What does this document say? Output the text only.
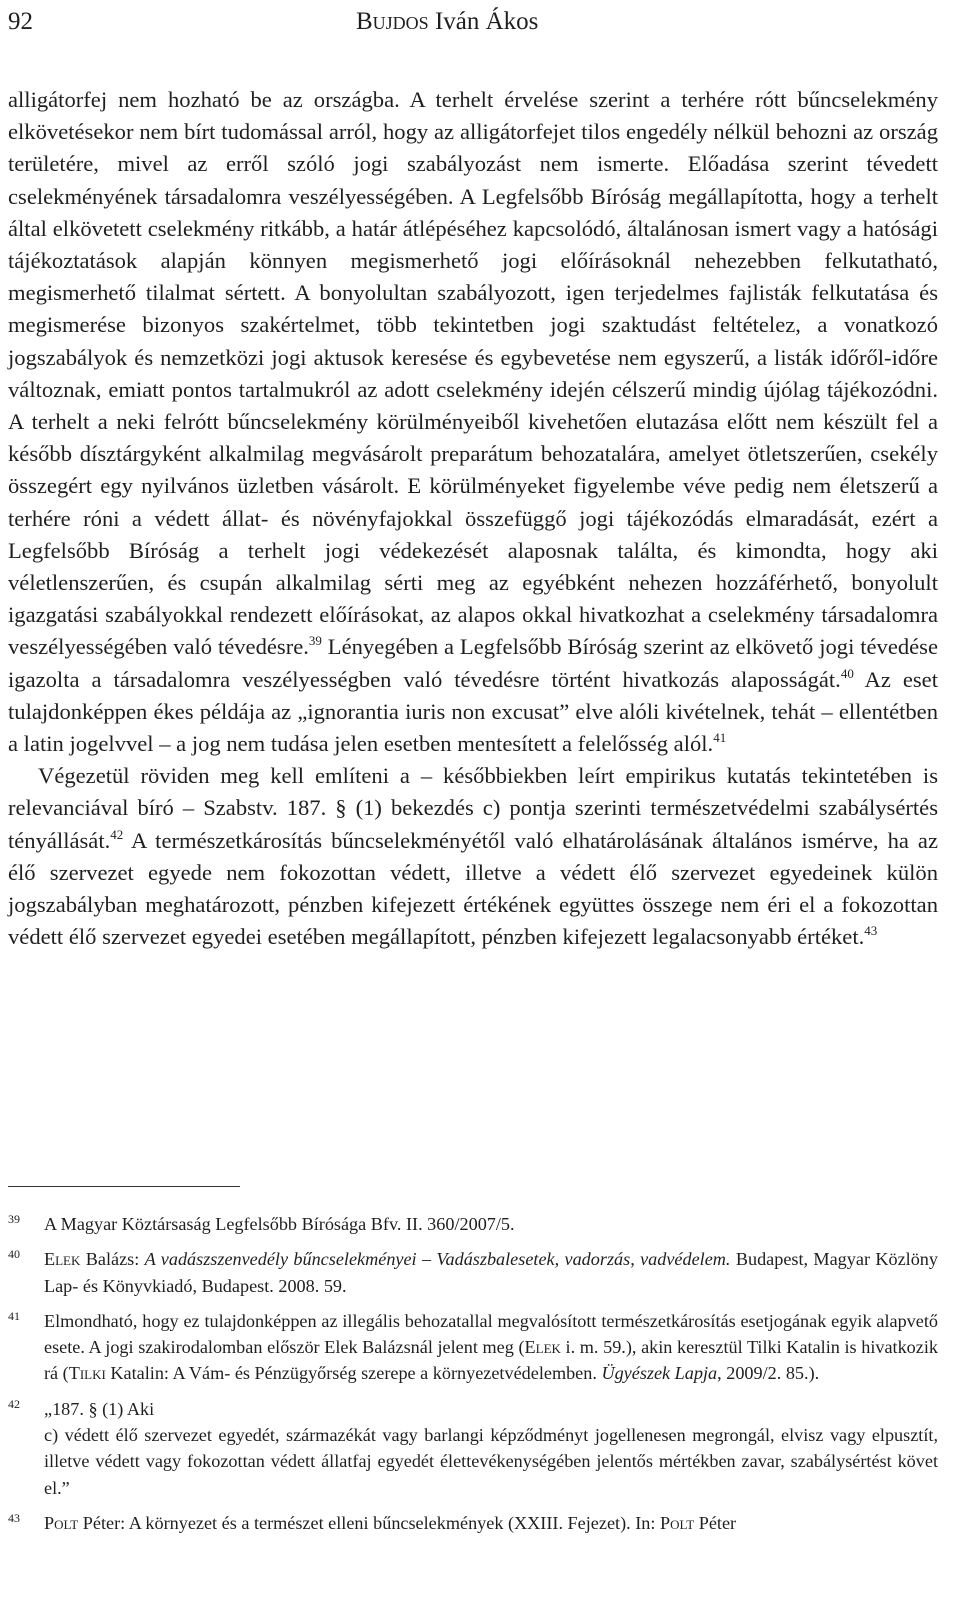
92	Bujdos Iván Ákos

alligátorfej nem hozható be az országba. A terhelt érvelése szerint a terhére rótt bűncselekmény elkövetésekor nem bírt tudomással arról, hogy az alligátorfejet tilos engedély nélkül behozni az ország területére, mivel az erről szóló jogi szabályozást nem ismerte. Előadása szerint tévedett cselekményének társadalomra veszélyességében. A Legfelsőbb Bíróság megállapította, hogy a terhelt által elkövetett cselekmény ritkább, a határ átlépéséhez kapcsolódó, általánosan ismert vagy a hatósági tájékoztatások alapján könnyen megismerhető jogi előírásoknál nehezebben felkutatható, megismerhető tilalmat sértett. A bonyolultan szabályozott, igen terjedelmes fajlisták felkutatása és megismerése bizonyos szakértelmet, több tekintetben jogi szaktudást feltételez, a vonatkozó jogszabályok és nemzetközi jogi aktusok keresése és egybevetése nem egyszerű, a listák időről-időre változnak, emiatt pontos tartalmukról az adott cselekmény idején célszerű mindig újólag tájékozódni. A terhelt a neki felrótt bűncselekmény körülményeiből kivehetően elutazása előtt nem készült fel a később dísztárgyként alkalmilag megvásárolt preparátum behozatalára, amelyet ötletszerűen, csekély összegért egy nyilvános üzletben vásárolt. E körülményeket figyelembe véve pedig nem életszerű a terhére róni a védett állat- és növényfajokkal összefüggő jogi tájékozódás elmaradását, ezért a Legfelsőbb Bíróság a terhelt jogi védekezését alaposnak találta, és kimondta, hogy aki véletlenszerűen, és csupán alkalmilag sérti meg az egyébként nehezen hozzáférhető, bonyolult igazgatási szabályokkal rendezett előírásokat, az alapos okkal hivatkozhat a cselekmény társadalomra veszélyességében való tévedésre.$^{39}$ Lényegében a Legfelsőbb Bíróság szerint az elkövető jogi tévedése igazolta a társadalomra veszélyességben való tévedésre történt hivatkozás alaposságát.$^{40}$ Az eset tulajdonképpen ékes példája az „ignorantia iuris non excusat” elve alóli kivételnek, tehát – ellentétben a latin jogelvvel – a jog nem tudása jelen esetben mentesített a felelősség alól.$^{41}$

Végezetül röviden meg kell említeni a – későbbiekben leírt empirikus kutatás tekintetében is relevanciával bíró – Szabstv. 187. § (1) bekezdés c) pontja szerinti természetvédelmi szabálysértés tényállását.$^{42}$ A természetkárosítás bűncselekményétől való elhatárolásának általános ismérve, ha az élő szervezet egyede nem fokozottan védett, illetve a védett élő szervezet egyedeinek külön jogszabályban meghatározott, pénzben kifejezett értékének együttes összege nem éri el a fokozottan védett élő szervezet egyedei esetében megállapított, pénzben kifejezett legalacsonyabb értéket.$^{43}$

39	A Magyar Köztársaság Legfelsőbb Bírósága Bfv. II. 360/2007/5.
40	Elek Balázs: A vadászszenvedély bűncselekményei – Vadászbalesetek, vadorzás, vadvédelem. Budapest, Magyar Közlöny Lap- és Könyvkiadó, Budapest. 2008. 59.
41	Elmondható, hogy ez tulajdonképpen az illegális behozatallal megvalósított természetkárosítás esetjogának egyik alapvető esete. A jogi szakirodalomban először Elek Balázsnál jelent meg (Elek i. m. 59.), akin keresztül Tilki Katalin is hivatkozik rá (Tilki Katalin: A Vám- és Pénzügyőrség szerepe a környezetvédelemben. Ügyészek Lapja, 2009/2. 85.).
42	„187. § (1) Aki
c) védett élő szervezet egyedét, származékát vagy barlangi képződményt jogellenesen megrongál, elvisz vagy elpusztít, illetve védett vagy fokozottan védett állatfaj egyedét élettevékenységében jelentős mértékben zavar, szabálysértést követ el.”
43	Polt Péter: A környezet és a természet elleni bűncselekmények (XXIII. Fejezet). In: Polt Péter
